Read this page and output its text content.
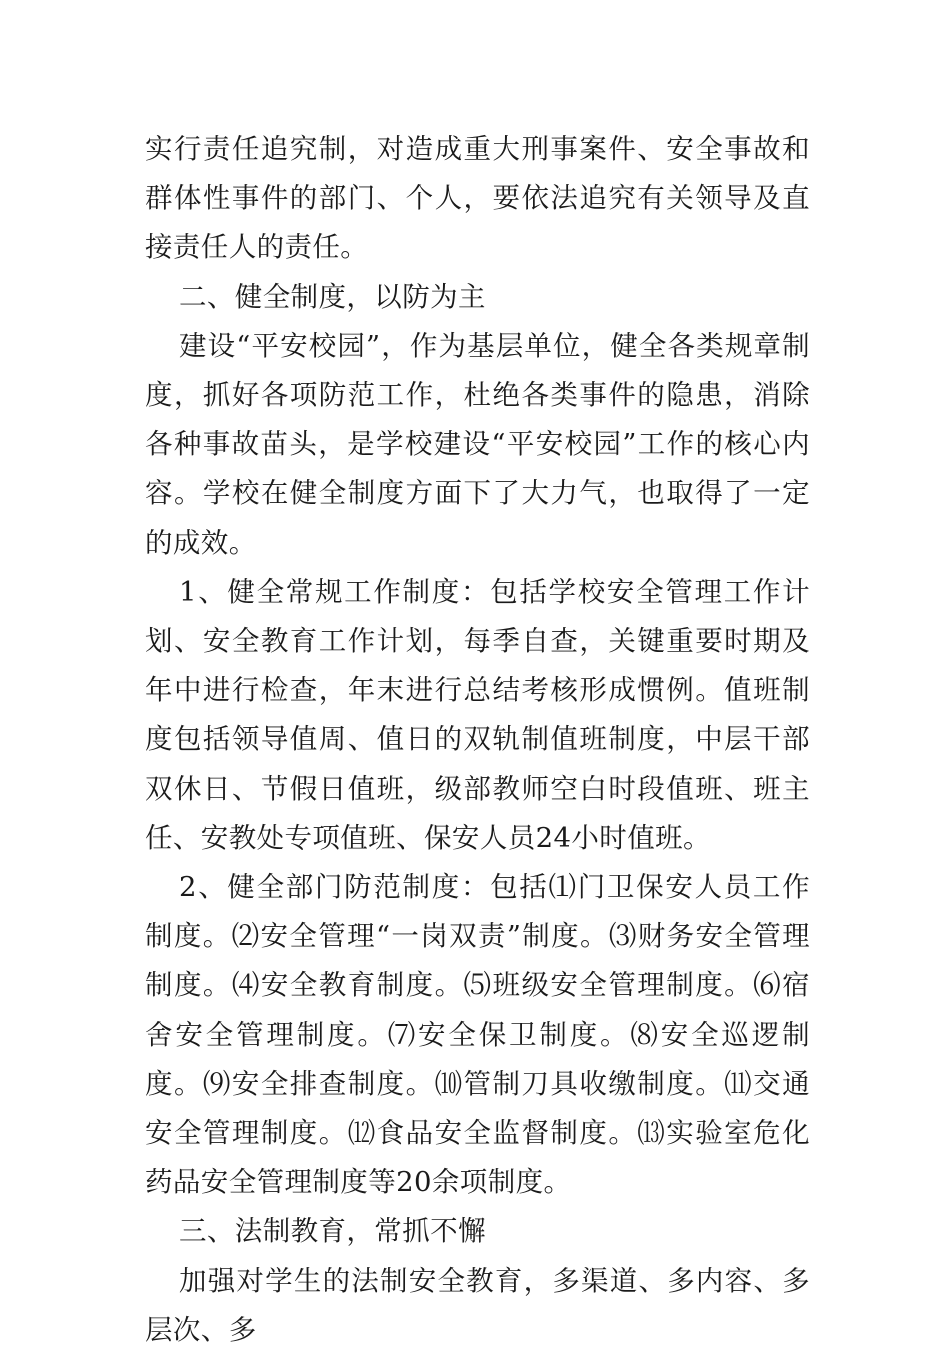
实行责任追究制，对造成重大刑事案件、安全事故和群体性事件的部门、个人，要依法追究有关领导及直接责任人的责任。

二、健全制度，以防为主

建设“平安校园”，作为基层单位，健全各类规章制度，抓好各项防范工作，杜绝各类事件的隐患，消除各种事故苗头，是学校建设“平安校园”工作的核心内容。学校在健全制度方面下了大力气，也取得了一定的成效。

1、健全常规工作制度：包括学校安全管理工作计划、安全教育工作计划，每季自查，关键重要时期及年中进行检查，年末进行总结考核形成惯例。值班制度包括领导值周、值日的双轨制值班制度，中层干部双休日、节假日值班，级部教师空白时段值班、班主任、安教处专项值班、保安人员24小时值班。

2、健全部门防范制度：包括⑴门卫保安人员工作制度。⑵安全管理“一岗双责”制度。⑶财务安全管理制度。⑷安全教育制度。⑸班级安全管理制度。⑹宿舍安全管理制度。⑺安全保卫制度。⑻安全巡逻制度。⑼安全排查制度。⑽管制刀具收缴制度。⑾交通安全管理制度。⑿食品安全监督制度。⒀实验室危化药品安全管理制度等20余项制度。

三、法制教育，常抓不懈

加强对学生的法制安全教育，多渠道、多内容、多层次、多
